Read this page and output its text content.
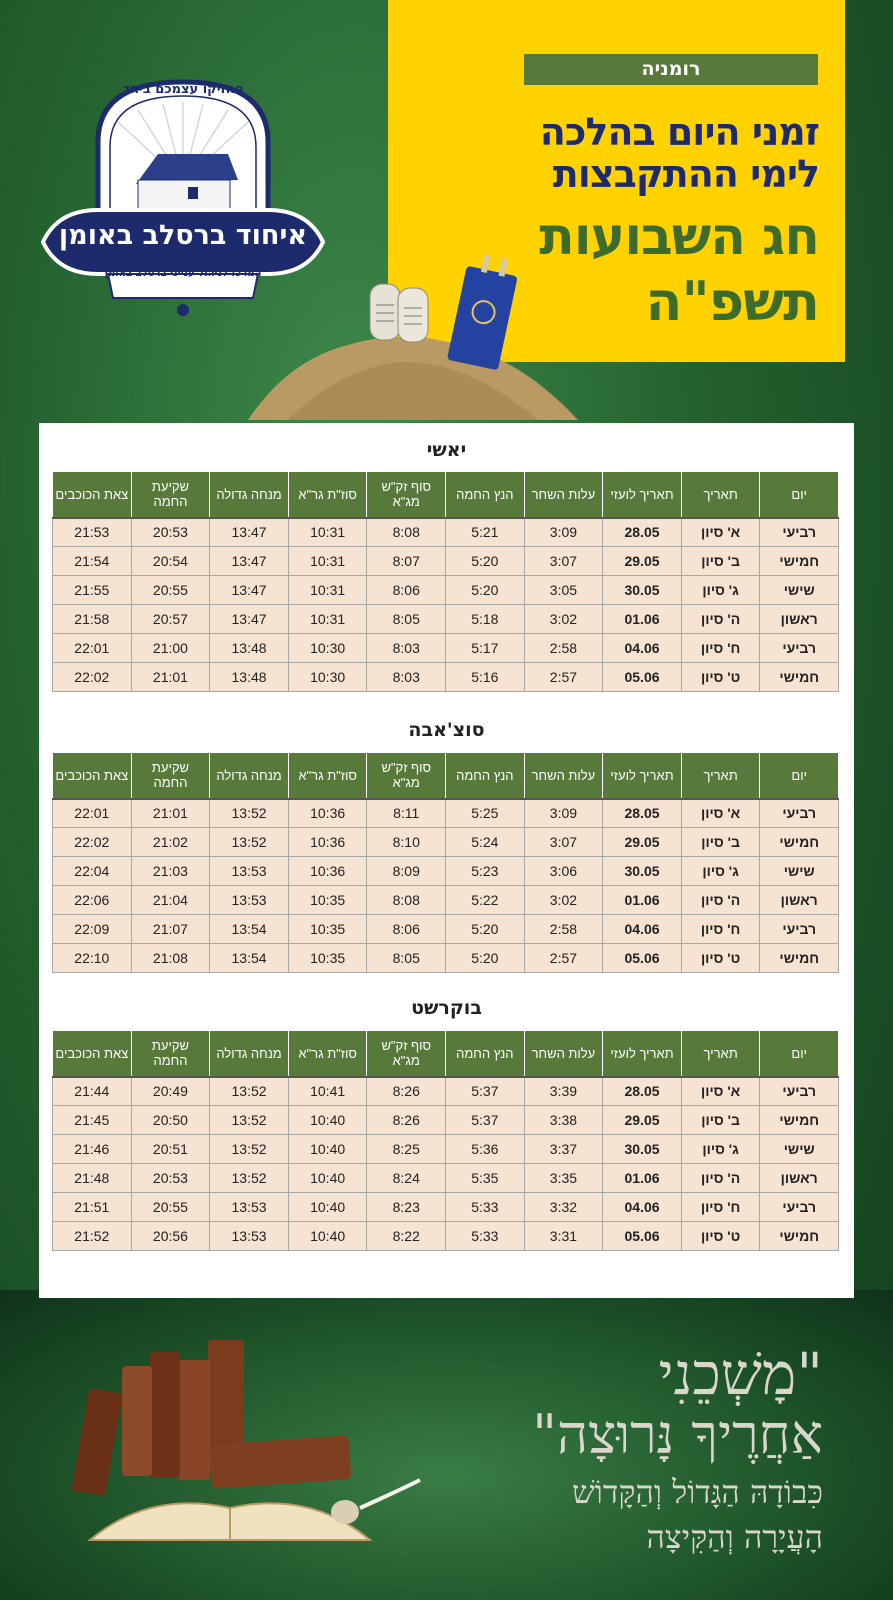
רומניה
זמני היום בהלכה
לימי ההתקבצות
חג השבועות
תשפ"ה
החזיקו עצמכם ביחד
איחוד ברסלב באומן
המרכז לניהול ענייני ברסלב באומן
יאשי
יום	תאריך	תאריך לועזי	עלות השחר	הנץ החמה	סוף זק"ש מג"א	סוז"ת גר"א	מנחה גדולה	שקיעת החמה	צאת הכוכבים
רביעי	א' סיון	28.05	3:09	5:21	8:08	10:31	13:47	20:53	21:53
חמישי	ב' סיון	29.05	3:07	5:20	8:07	10:31	13:47	20:54	21:54
שישי	ג' סיון	30.05	3:05	5:20	8:06	10:31	13:47	20:55	21:55
ראשון	ה' סיון	01.06	3:02	5:18	8:05	10:31	13:47	20:57	21:58
רביעי	ח' סיון	04.06	2:58	5:17	8:03	10:30	13:48	21:00	22:01
חמישי	ט' סיון	05.06	2:57	5:16	8:03	10:30	13:48	21:01	22:02
סוצ'אבה
יום	תאריך	תאריך לועזי	עלות השחר	הנץ החמה	סוף זק"ש מג"א	סוז"ת גר"א	מנחה גדולה	שקיעת החמה	צאת הכוכבים
רביעי	א' סיון	28.05	3:09	5:25	8:11	10:36	13:52	21:01	22:01
חמישי	ב' סיון	29.05	3:07	5:24	8:10	10:36	13:52	21:02	22:02
שישי	ג' סיון	30.05	3:06	5:23	8:09	10:36	13:53	21:03	22:04
ראשון	ה' סיון	01.06	3:02	5:22	8:08	10:35	13:53	21:04	22:06
רביעי	ח' סיון	04.06	2:58	5:20	8:06	10:35	13:54	21:07	22:09
חמישי	ט' סיון	05.06	2:57	5:20	8:05	10:35	13:54	21:08	22:10
בוקרשט
יום	תאריך	תאריך לועזי	עלות השחר	הנץ החמה	סוף זק"ש מג"א	סוז"ת גר"א	מנחה גדולה	שקיעת החמה	צאת הכוכבים
רביעי	א' סיון	28.05	3:39	5:37	8:26	10:41	13:52	20:49	21:44
חמישי	ב' סיון	29.05	3:38	5:37	8:26	10:40	13:52	20:50	21:45
שישי	ג' סיון	30.05	3:37	5:36	8:25	10:40	13:52	20:51	21:46
ראשון	ה' סיון	01.06	3:35	5:35	8:24	10:40	13:52	20:53	21:48
רביעי	ח' סיון	04.06	3:32	5:33	8:23	10:40	13:53	20:55	21:51
חמישי	ט' סיון	05.06	3:31	5:33	8:22	10:40	13:53	20:56	21:52
"מָשְׁכֵנִי
אַחֲרֶיךָ נָּרוּצָה"
כִּבוֹדָהּ הַגָּדוֹל וְהַקָּדוֹשׁ
הָעֲיָרָה וְהַקִּיצָה
